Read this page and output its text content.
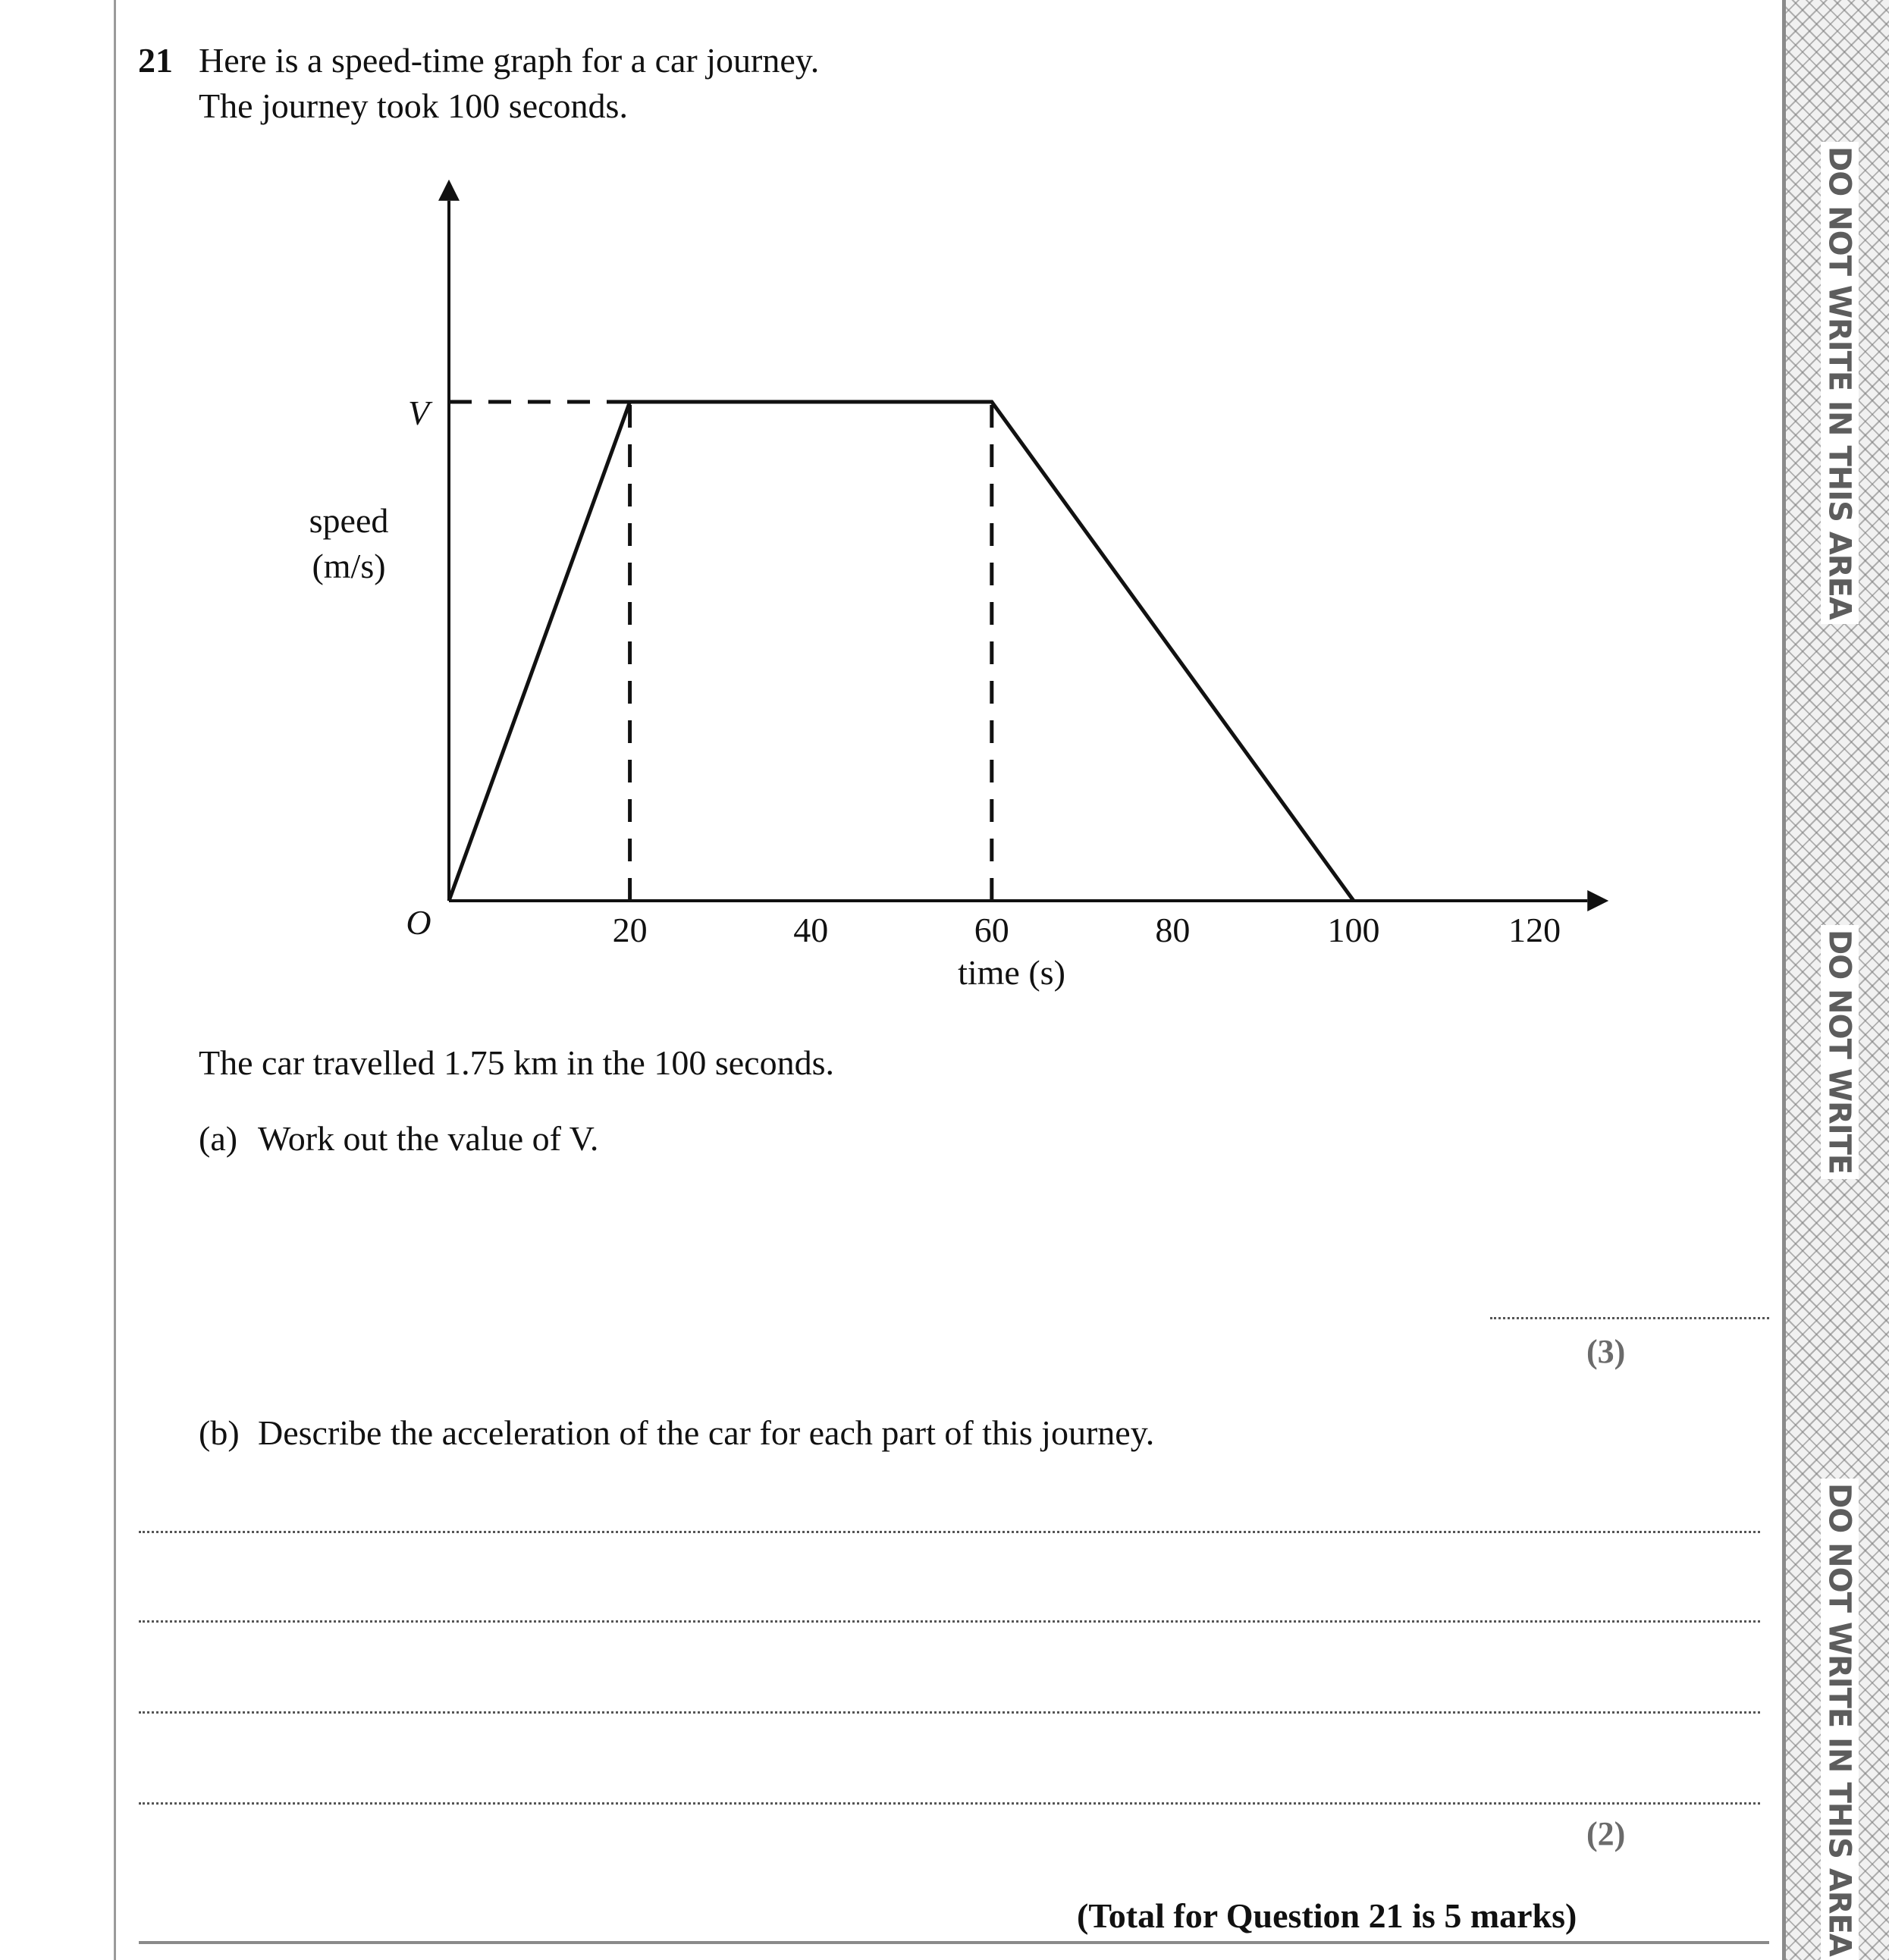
21 Here is a speed-time graph for a car journey.
The journey took 100 seconds.
20	40	60	80	100	120
O
V
time (s)
speed
(m/s)
The car travelled 1.75 km in the 100 seconds.
(a) Work out the value of V.
(3)
(b) Describe the acceleration of the car for each part of this journey.
(2)
(Total for Question 21 is 5 marks)
DO NOT WRITE IN THIS AREA
DO NOT WRITE
DO NOT WRITE IN THIS AREA
